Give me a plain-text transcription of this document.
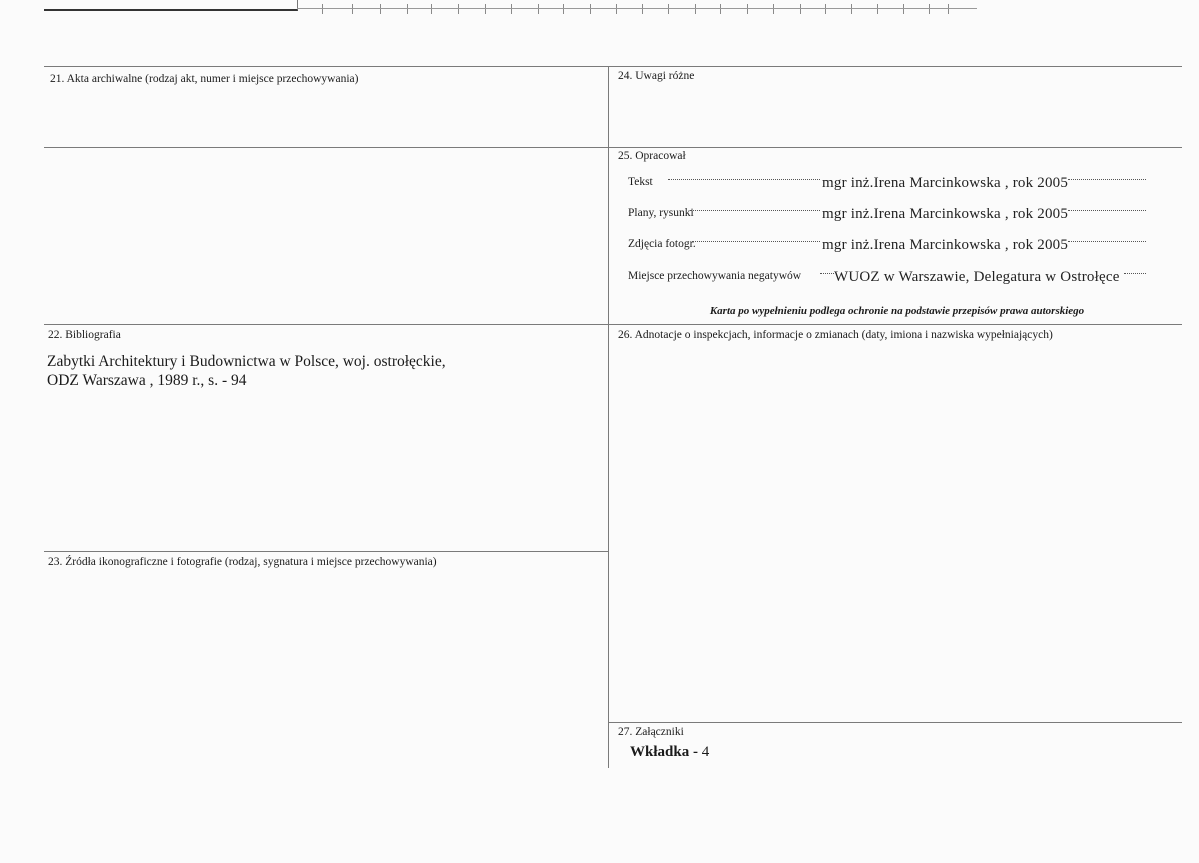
21. Akta archiwalne (rodzaj akt, numer i miejsce przechowywania)	24. Uwagi różne
25. Opracował
Tekst	mgr inż.Irena Marcinkowska , rok 2005
Plany, rysunki	mgr inż.Irena Marcinkowska , rok 2005
Zdjęcia fotogr.	mgr inż.Irena Marcinkowska , rok 2005
Miejsce przechowywania negatywów WUOZ w Warszawie, Delegatura w Ostrołęce
Karta po wypełnieniu podlega ochronie na podstawie przepisów prawa autorskiego
22. Bibliografia
Zabytki Architektury i Budownictwa w Polsce, woj. ostrołęckie,
ODZ Warszawa , 1989 r., s. - 94
26. Adnotacje o inspekcjach, informacje o zmianach (daty, imiona i nazwiska wypełniających)
23. Źródła ikonograficzne i fotografie (rodzaj, sygnatura i miejsce przechowywania)
27. Załączniki
Wkładka - 4
